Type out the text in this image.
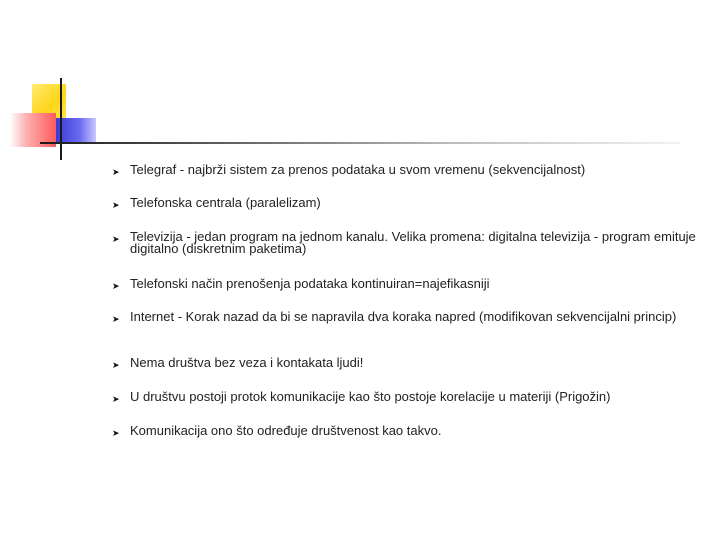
➤ Telegraf - najbrži sistem za prenos podataka u svom vremenu (sekvencijalnost)
➤ Telefonska centrala (paralelizam)
➤ Televizija - jedan program na jednom kanalu. Velika promena: digitalna televizija - program emituje digitalno (diskretnim paketima)
➤ Telefonski način prenošenja podataka kontinuiran=najefikasniji
➤ Internet - Korak nazad da bi se napravila dva koraka napred (modifikovan sekvencijalni princip)
➤ Nema društva bez veza i kontakata ljudi!
➤ U društvu postoji protok komunikacije kao što postoje korelacije u materiji (Prigožin)
➤ Komunikacija ono što određuje društvenost kao takvo.
